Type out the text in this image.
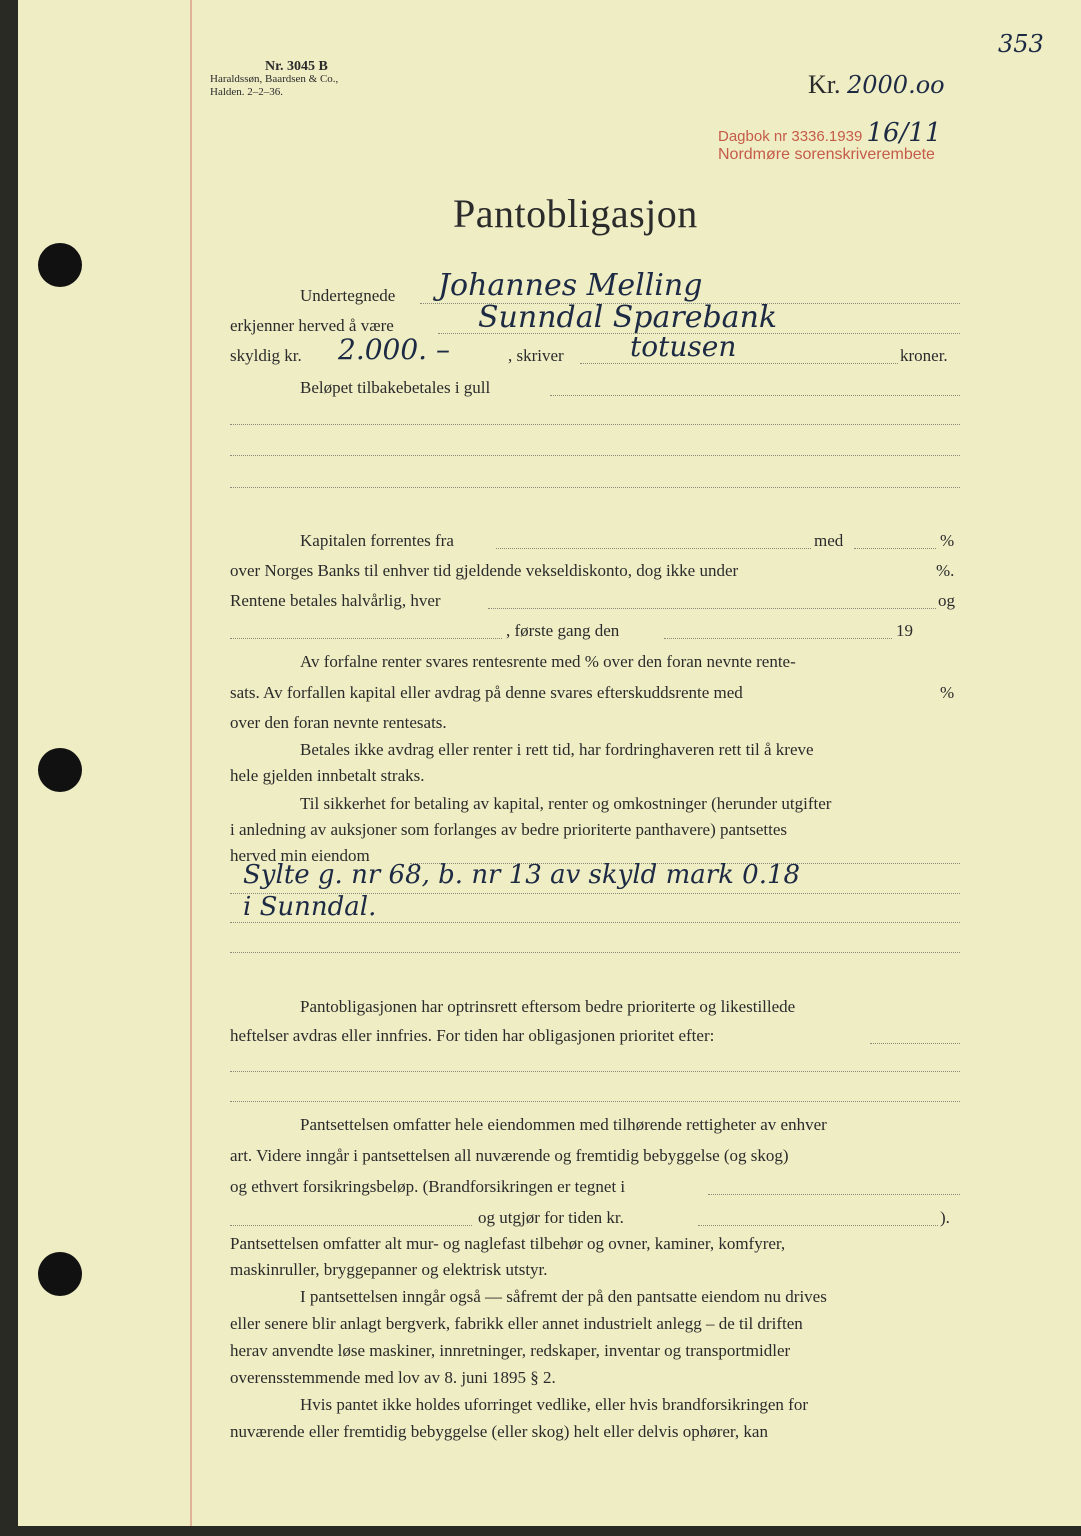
353
Nr. 3045 B
Haraldssøn, Baardsen & Co.,
Halden. 2–2–36.	Kr. 2000.oo
Dagbok nr 3336.1939 16/11
Nordmøre sorenskriverembete
Pantobligasjon
Undertegnede Johannes Melling
erkjenner herved å være	Sunndal Sparebank
skyldig kr. 2.000. –	, skriver totusen	kroner.
Beløpet tilbakebetales i gull
Kapitalen forrentes fra	med	%
over Norges Banks til enhver tid gjeldende vekseldiskonto, dog ikke under	%.
Rentene betales halvårlig, hver	og
, første gang den	19
Av forfalne renter svares rentesrente med % over den foran nevnte rente-
sats. Av forfallen kapital eller avdrag på denne svares efterskuddsrente med	%
over den foran nevnte rentesats.
Betales ikke avdrag eller renter i rett tid, har fordringhaveren rett til å kreve
hele gjelden innbetalt straks.
Til sikkerhet for betaling av kapital, renter og omkostninger (herunder utgifter
i anledning av auksjoner som forlanges av bedre prioriterte panthavere) pantsettes
herved min eiendom
Sylte g. nr 68, b. nr 13 av skyld mark 0.18
i Sunndal.
Pantobligasjonen har optrinsrett eftersom bedre prioriterte og likestillede
heftelser avdras eller innfries. For tiden har obligasjonen prioritet efter:
Pantsettelsen omfatter hele eiendommen med tilhørende rettigheter av enhver
art. Videre inngår i pantsettelsen all nuværende og fremtidig bebyggelse (og skog)
og ethvert forsikringsbeløp. (Brandforsikringen er tegnet i
og utgjør for tiden kr.	).
Pantsettelsen omfatter alt mur- og naglefast tilbehør og ovner, kaminer, komfyrer,
maskinruller, bryggepanner og elektrisk utstyr.
I pantsettelsen inngår også — såfremt der på den pantsatte eiendom nu drives
eller senere blir anlagt bergverk, fabrikk eller annet industrielt anlegg – de til driften
herav anvendte løse maskiner, innretninger, redskaper, inventar og transportmidler
overensstemmende med lov av 8. juni 1895 § 2.
Hvis pantet ikke holdes uforringet vedlike, eller hvis brandforsikringen for
nuværende eller fremtidig bebyggelse (eller skog) helt eller delvis ophører, kan
